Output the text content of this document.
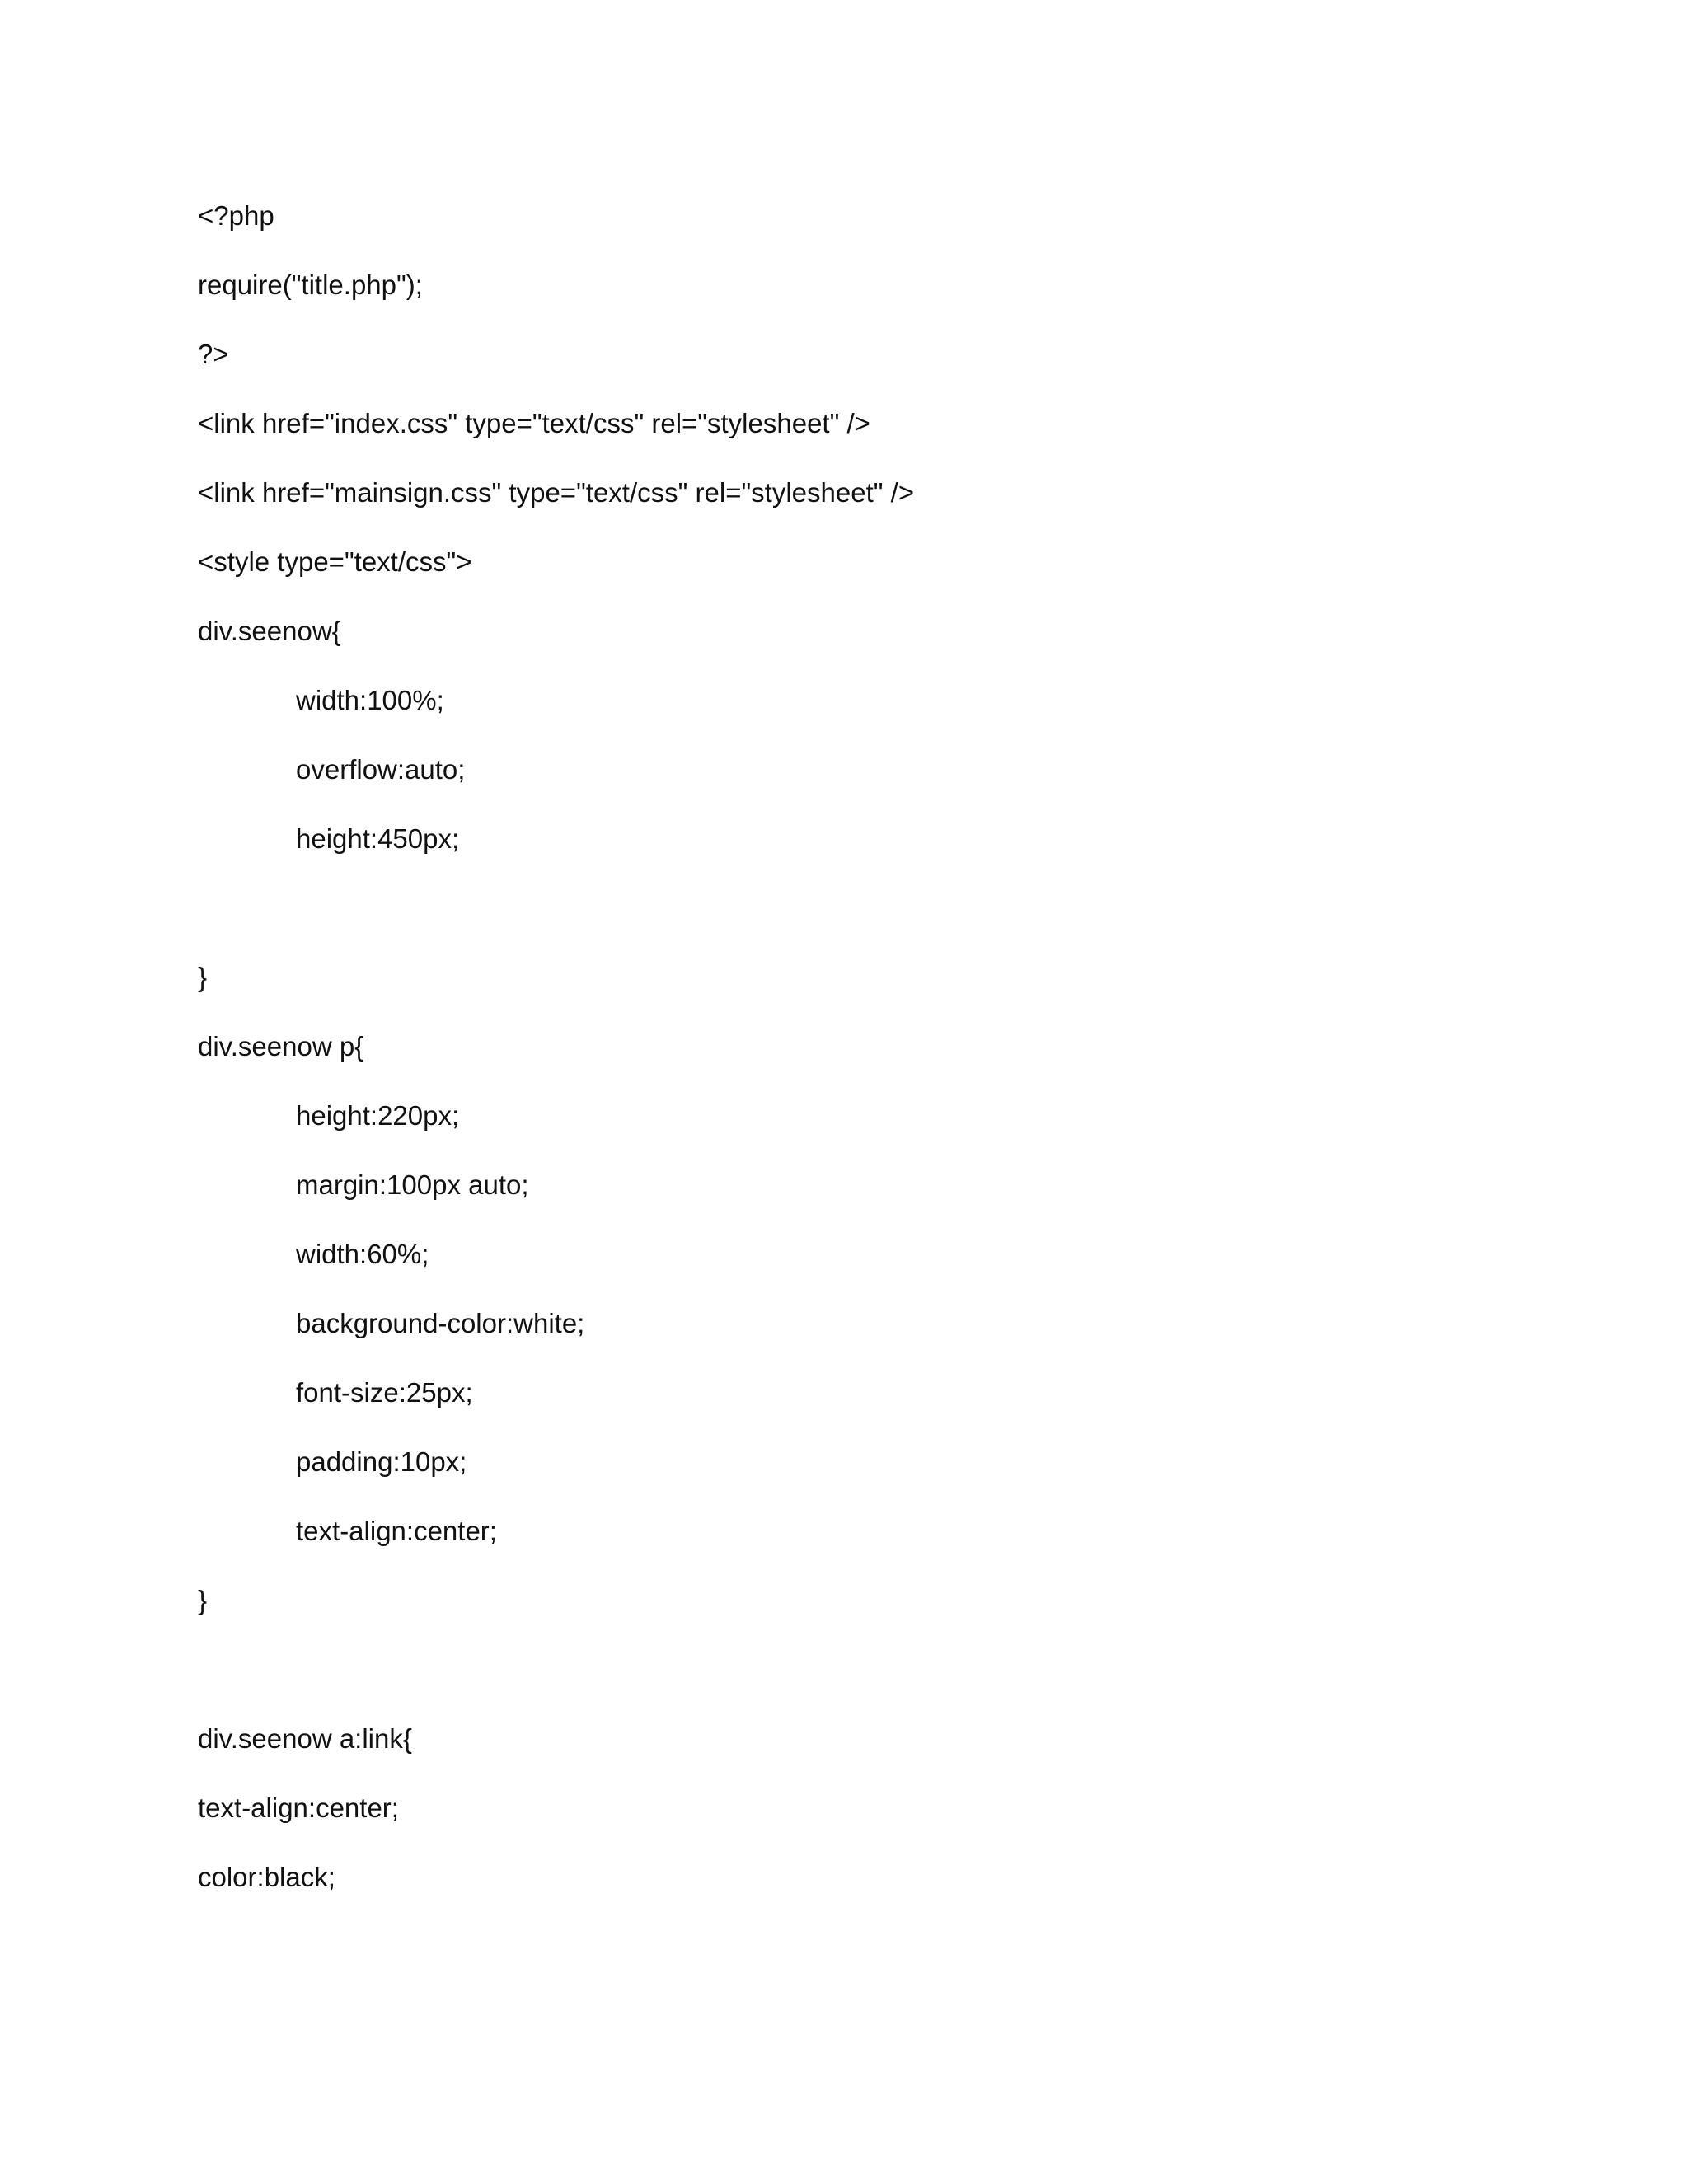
<?php
require("title.php");
?>
<link href="index.css" type="text/css" rel="stylesheet" />
<link href="mainsign.css" type="text/css" rel="stylesheet" />
<style type="text/css">
div.seenow{
width:100%;
overflow:auto;
height:450px;
}
div.seenow p{
height:220px;
margin:100px auto;
width:60%;
background-color:white;
font-size:25px;
padding:10px;
text-align:center;
}
div.seenow a:link{
text-align:center;
color:black;
